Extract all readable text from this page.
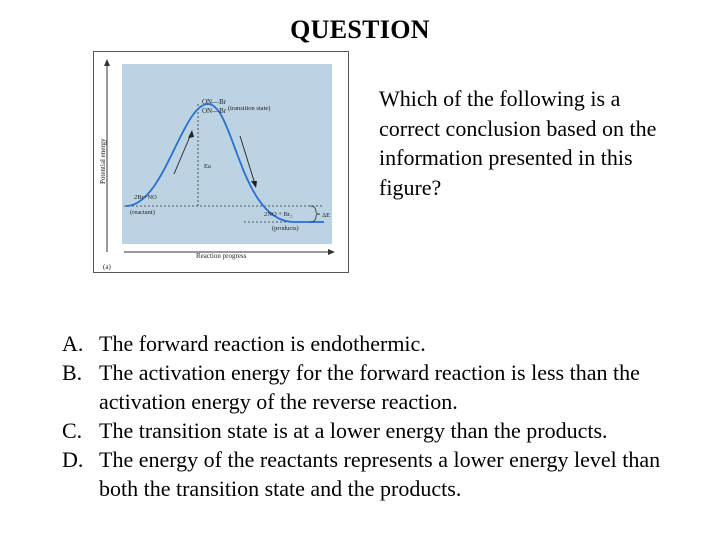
QUESTION
Potential energy
Reaction progress
(a)
ON—Br
ON—Br (transition state)
Ea
2Br+NO
(reactant)	2NO + Br₂
(products)
ΔE
Which of the following is a correct conclusion based on the information presented in this figure?
A. The forward reaction is endothermic.
B. The activation energy for the forward reaction is less than the activation energy of the reverse reaction.
C. The transition state is at a lower energy than the products.
D. The energy of the reactants represents a lower energy level than both the transition state and the products.
